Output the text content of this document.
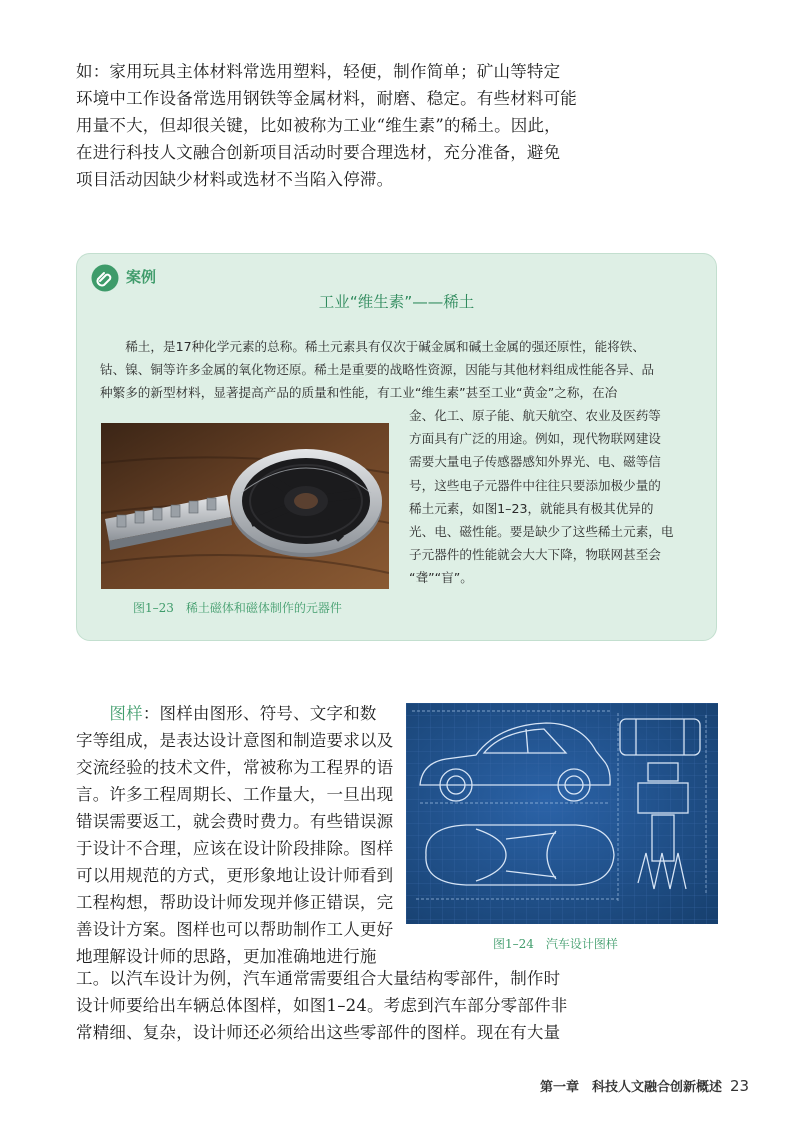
如：家用玩具主体材料常选用塑料，轻便，制作简单；矿山等特定
环境中工作设备常选用钢铁等金属材料，耐磨、稳定。有些材料可能
用量不大，但却很关键，比如被称为工业“维生素”的稀土。因此，
在进行科技人文融合创新项目活动时要合理选材，充分准备，避免
项目活动因缺少材料或选材不当陷入停滞。
案例
工业“维生素”——稀土
　　稀土，是17种化学元素的总称。稀土元素具有仅次于碱金属和碱土金属的强还原性，能将铁、
钴、镍、铜等许多金属的氧化物还原。稀土是重要的战略性资源，因能与其他材料组成性能各异、品
种繁多的新型材料，显著提高产品的质量和性能，有工业“维生素”甚至工业“黄金”之称，在冶
金、化工、原子能、航天航空、农业及医药等
方面具有广泛的用途。例如，现代物联网建设
需要大量电子传感器感知外界光、电、磁等信
号，这些电子元器件中往往只要添加极少量的
稀土元素，如图1–23，就能具有极其优异的
光、电、磁性能。要是缺少了这些稀土元素，电
子元器件的性能就会大大下降，物联网甚至会
“聋”“盲”。
图1–23　稀土磁体和磁体制作的元器件
　　图样：图样由图形、符号、文字和数
字等组成，是表达设计意图和制造要求以及
交流经验的技术文件，常被称为工程界的语
言。许多工程周期长、工作量大，一旦出现
错误需要返工，就会费时费力。有些错误源
于设计不合理，应该在设计阶段排除。图样
可以用规范的方式，更形象地让设计师看到
工程构想，帮助设计师发现并修正错误，完
善设计方案。图样也可以帮助制作工人更好
地理解设计师的思路，更加准确地进行施
图1–24　汽车设计图样
工。以汽车设计为例，汽车通常需要组合大量结构零部件，制作时
设计师要给出车辆总体图样，如图1–24。考虑到汽车部分零部件非
常精细、复杂，设计师还必须给出这些零部件的图样。现在有大量
第一章　科技人文融合创新概述 23
